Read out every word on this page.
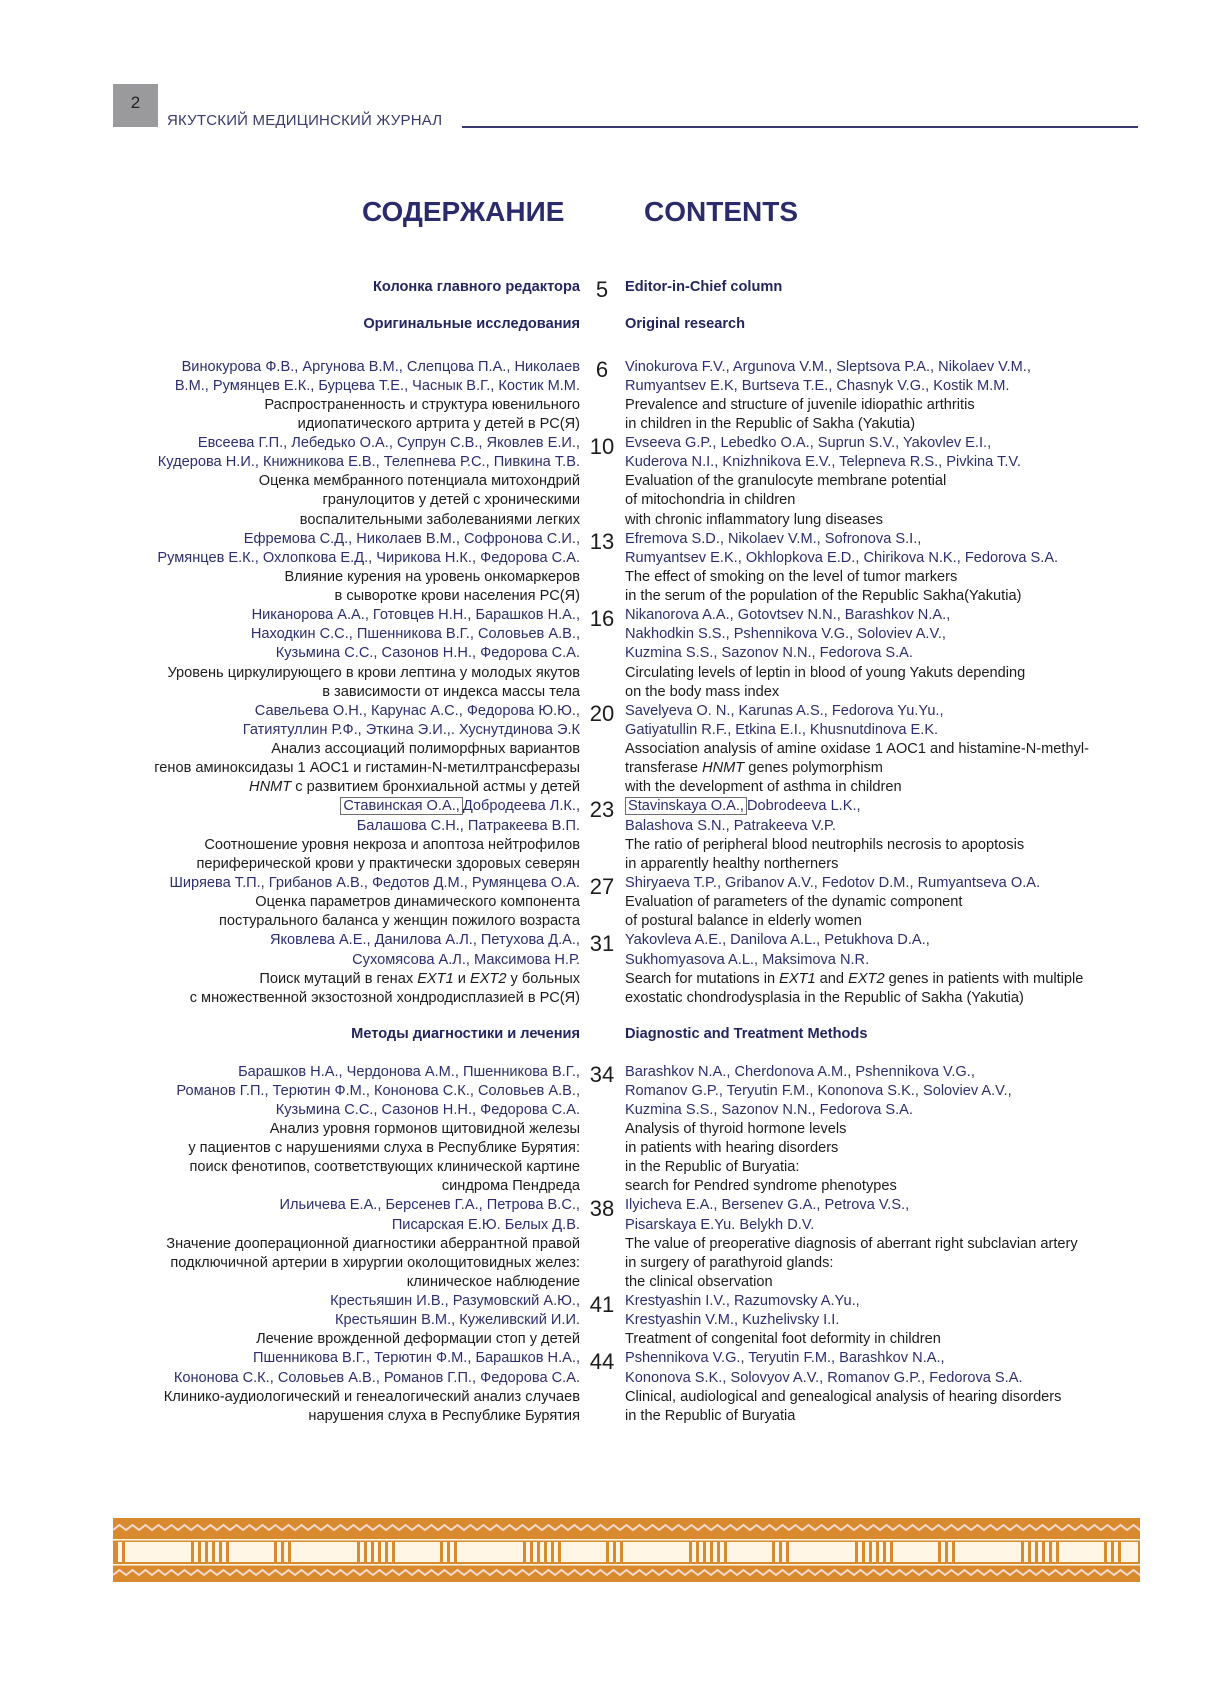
2
ЯКУТСКИЙ МЕДИЦИНСКИЙ ЖУРНАЛ
СОДЕРЖАНИЕ	CONTENTS
Колонка главного редактора
Оригинальные исследования
Винокурова Ф.В., Аргунова В.М., Слепцова П.А., Николаев
В.М., Румянцев Е.К., Бурцева Т.Е., Часнык В.Г., Костик М.М.
Распространенность и структура ювенильного
идиопатического артрита у детей в РС(Я)
Евсеева Г.П., Лебедько О.А., Супрун С.В., Яковлев Е.И.,
Кудерова Н.И., Книжникова Е.В., Телепнева Р.С., Пивкина Т.В.
Оценка мембранного потенциала митохондрий
гранулоцитов у детей с хроническими
воспалительными заболеваниями легких
Ефремова С.Д., Николаев В.М., Софронова С.И.,
Румянцев Е.К., Охлопкова Е.Д., Чирикова Н.К., Федорова С.А.
Влияние курения на уровень онкомаркеров
в сыворотке крови населения РС(Я)
Никанорова А.А., Готовцев Н.Н., Барашков Н.А.,
Находкин С.С., Пшенникова В.Г., Соловьев А.В.,
Кузьмина С.С., Сазонов Н.Н., Федорова С.А.
Уровень циркулирующего в крови лептина у молодых якутов
в зависимости от индекса массы тела
Савельева О.Н., Карунас А.С., Федорова Ю.Ю.,
Гатиятуллин Р.Ф., Эткина Э.И.,. Хуснутдинова Э.К
Анализ ассоциаций полиморфных вариантов
генов аминоксидазы 1 АОС1 и гистамин-N-метилтрансферазы
HNMT с развитием бронхиальной астмы у детей
Ставинская О.А., Добродеева Л.К.,
Балашова С.Н., Патракеева В.П.
Соотношение уровня некроза и апоптоза нейтрофилов
периферической крови у практически здоровых северян
Ширяева Т.П., Грибанов А.В., Федотов Д.М., Румянцева О.А.
Оценка параметров динамического компонента
постурального баланса у женщин пожилого возраста
Яковлева А.Е., Данилова А.Л., Петухова Д.А.,
Сухомясова А.Л., Максимова Н.Р.
Поиск мутаций в генах EXT1 и EXT2 у больных
с множественной экзостозной хондродисплазией в РС(Я)
Методы диагностики и лечения
Барашков Н.А., Чердонова А.М., Пшенникова В.Г.,
Романов Г.П., Терютин Ф.М., Кононова С.К., Соловьев А.В.,
Кузьмина С.С., Сазонов Н.Н., Федорова С.А.
Анализ уровня гормонов щитовидной железы
у пациентов с нарушениями слуха в Республике Бурятия:
поиск фенотипов, соответствующих клинической картине
синдрома Пендреда
Ильичева Е.А., Берсенев Г.А., Петрова В.С.,
Писарская Е.Ю. Белых Д.В.
Значение дооперационной диагностики аберрантной правой
подключичной артерии в хирургии околощитовидных желез:
клиническое наблюдение
Крестьяшин И.В., Разумовский А.Ю.,
Крестьяшин В.М., Кужеливский И.И.
Лечение врожденной деформации стоп у детей
Пшенникова В.Г., Терютин Ф.М., Барашков Н.А.,
Кононова С.К., Соловьев А.В., Романов Г.П., Федорова С.А.
Клинико-аудиологический и генеалогический анализ случаев
нарушения слуха в Республике Бурятия
Editor-in-Chief column
Original research
Vinokurova F.V., Argunova V.M., Sleptsova P.A., Nikolaev V.M.,
Rumyantsev E.K, Burtseva T.E., Chasnyk V.G., Kostik M.M.
Prevalence and structure of juvenile idiopathic arthritis
in children in the Republic of Sakha (Yakutia)
Evseeva G.P., Lebedko O.A., Suprun S.V., Yakovlev E.I.,
Kuderova N.I., Knizhnikova E.V., Telepneva R.S., Pivkina T.V.
Evaluation of the granulocyte membrane potential
of mitochondria in children
with chronic inflammatory lung diseases
Efremova S.D., Nikolaev V.M., Sofronova S.I.,
Rumyantsev E.K., Okhlopkova E.D., Chirikova N.K., Fedorova S.A.
The effect of smoking on the level of tumor markers
in the serum of the population of the Republic Sakha(Yakutia)
Nikanorova A.A., Gotovtsev N.N., Barashkov N.A.,
Nakhodkin S.S., Pshennikova V.G., Soloviev A.V.,
Kuzmina S.S., Sazonov N.N., Fedorova S.A.
Circulating levels of leptin in blood of young Yakuts depending
on the body mass index
Savelyeva O. N., Karunas A.S., Fedorova Yu.Yu.,
Gatiyatullin R.F., Etkina E.I., Khusnutdinova E.K.
Association analysis of amine oxidase 1 AOC1 and histamine-N-methyl-
transferase HNMT genes polymorphism
with the development of asthma in children
Stavinskaya O.A., Dobrodeeva L.K.,
Balashova S.N., Patrakeeva V.P.
The ratio of peripheral blood neutrophils necrosis to apoptosis
in apparently healthy northerners
Shiryaeva T.P., Gribanov A.V., Fedotov D.M., Rumyantseva O.A.
Evaluation of parameters of the dynamic component
of postural balance in elderly women
Yakovleva A.E., Danilova A.L., Petukhova D.A.,
Sukhomyasova A.L., Maksimova N.R.
Search for mutations in EXT1 and EXT2 genes in patients with multiple
exostatic chondrodysplasia in the Republic of Sakha (Yakutia)
Diagnostic and Treatment Methods
Barashkov N.A., Cherdonova A.M., Pshennikova V.G.,
Romanov G.P., Teryutin F.M., Kononova S.K., Soloviev A.V.,
Kuzmina S.S., Sazonov N.N., Fedorova S.A.
Analysis of thyroid hormone levels
in patients with hearing disorders
in the Republic of Buryatia:
search for Pendred syndrome phenotypes
Ilyicheva E.A., Bersenev G.A., Petrova V.S.,
Pisarskaya E.Yu. Belykh D.V.
The value of preoperative diagnosis of aberrant right subclavian artery
in surgery of parathyroid glands:
the clinical observation
Krestyashin I.V., Razumovsky A.Yu.,
Krestyashin V.M., Kuzhelivsky I.I.
Treatment of congenital foot deformity in children
Pshennikova V.G., Teryutin F.M., Barashkov N.A.,
Kononova S.K., Solovyov A.V., Romanov G.P., Fedorova S.A.
Clinical, audiological and genealogical analysis of hearing disorders
in the Republic of Buryatia
5
6
10
13
16
20
23
27
31
34
38
41
44
